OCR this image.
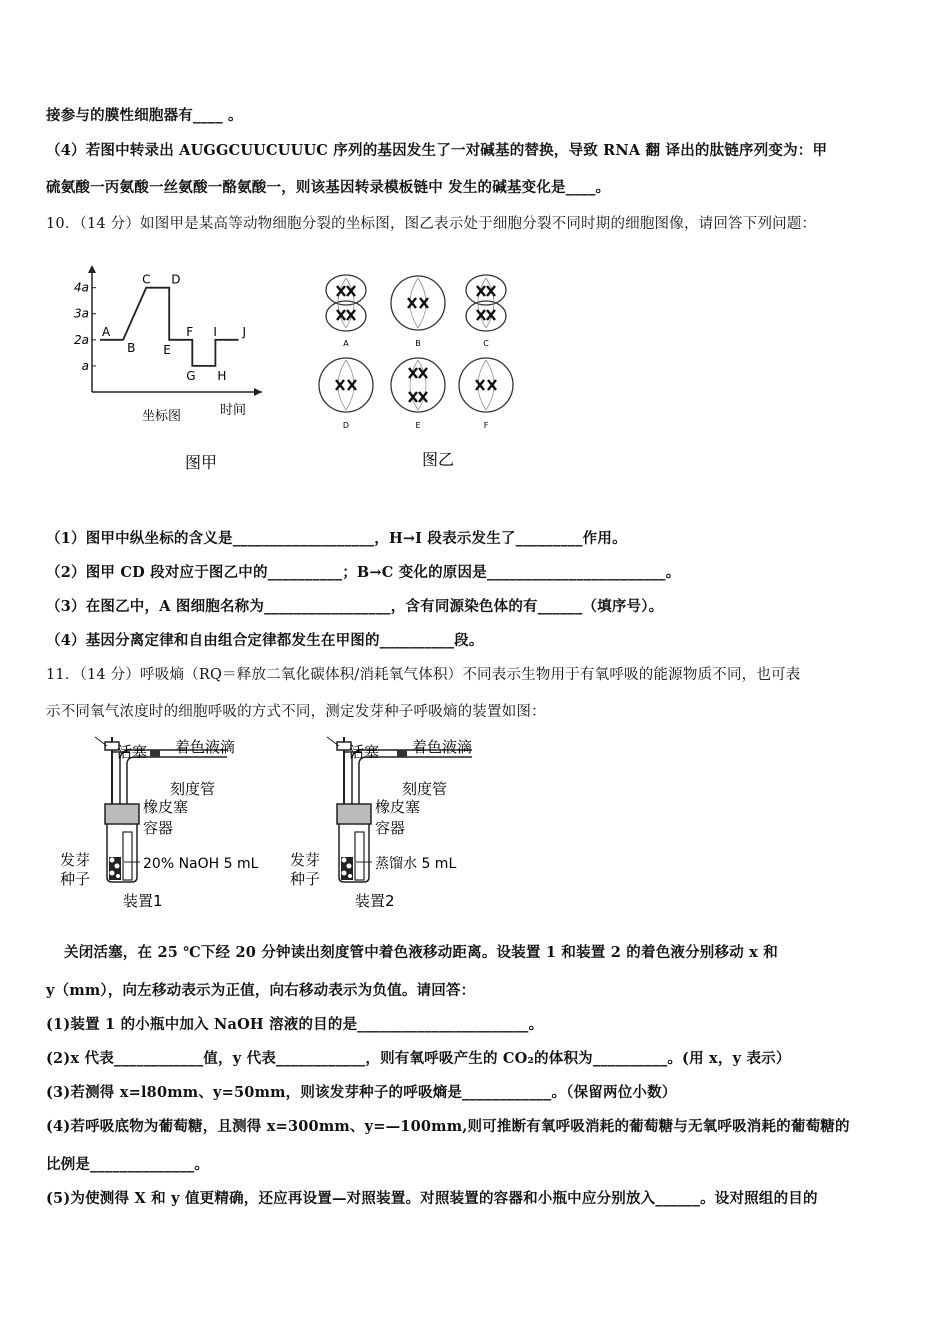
接参与的膜性细胞器有____ 。
（4）若图中转录出 AUGGCUUCUUUC 序列的基因发生了一对碱基的替换，导致 RNA 翻 译出的肽链序列变为：甲
硫氨酸一丙氨酸一丝氨酸一酪氨酸一，则该基因转录模板链中 发生的碱基变化是____。
10．（14 分）如图甲是某高等动物细胞分裂的坐标图，图乙表示处于细胞分裂不同时期的细胞图像，请回答下列问题：
a
2a
3a
4a
A
B
C D
E
F
G H
I J
时间
坐标图
图甲
A	B	C
D	E	F
图乙
（1）图甲中纵坐标的含义是___________________，H→I 段表示发生了_________作用。
（2）图甲 CD 段对应于图乙中的__________；B→C 变化的原因是________________________。
（3）在图乙中，A 图细胞名称为_________________，含有同源染色体的有______（填序号）。
（4）基因分离定律和自由组合定律都发生在甲图的__________段。
11．（14 分）呼吸熵（RQ＝释放二氧化碳体积/消耗氧气体积）不同表示生物用于有氧呼吸的能源物质不同，也可表
示不同氧气浓度时的细胞呼吸的方式不同，测定发芽种子呼吸熵的装置如图：
活塞 着色液滴
刻度管
橡皮塞
容器
20% NaOH 5 mL
发芽
种子
装置1
活塞 着色液滴
刻度管
橡皮塞
容器
蒸馏水 5 mL
发芽
种子
装置2
关闭活塞，在 25 ℃下经 20 分钟读出刻度管中着色液移动距离。设装置 1 和装置 2 的着色液分别移动 x 和
y（mm），向左移动表示为正值，向右移动表示为负值。请回答：
(1)装置 1 的小瓶中加入 NaOH 溶液的目的是_______________________。
(2)x 代表____________值，y 代表____________，则有氧呼吸产生的 CO₂的体积为__________。(用 x，y 表示）
(3)若测得 x=l80mm、y=50mm，则该发芽种子的呼吸熵是____________。（保留两位小数）
(4)若呼吸底物为葡萄糖，且测得 x=300mm、y=—100mm,则可推断有氧呼吸消耗的葡萄糖与无氧呼吸消耗的葡萄糖的
比例是______________。
(5)为使测得 X 和 y 值更精确，还应再设置—对照装置。对照装置的容器和小瓶中应分别放入______。设对照组的目的
